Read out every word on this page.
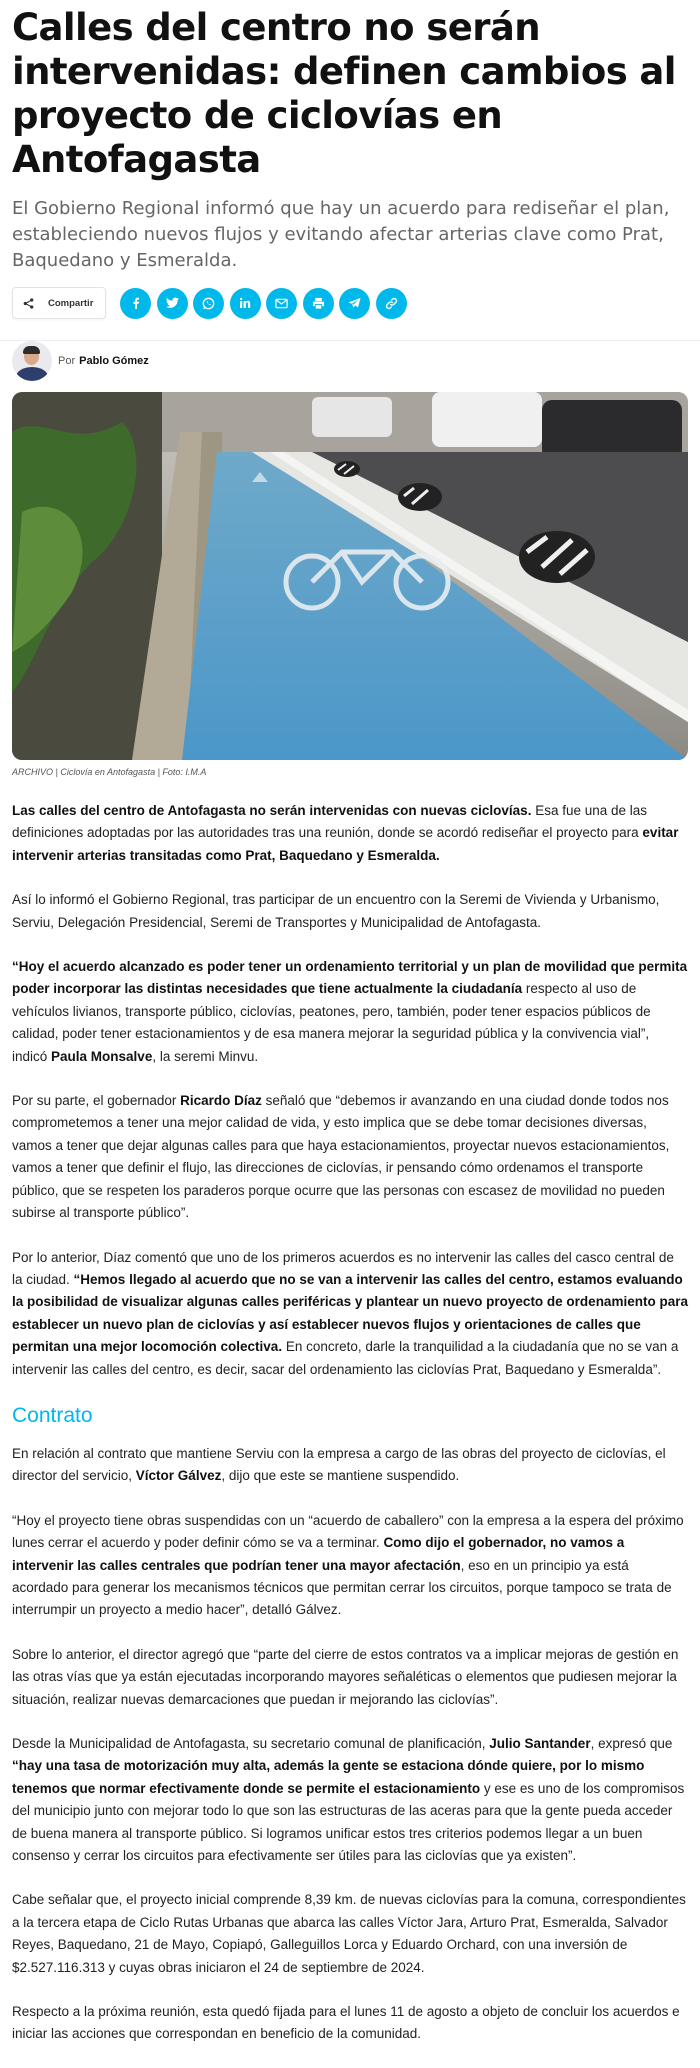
Calles del centro no serán intervenidas: definen cambios al proyecto de ciclovías en Antofagasta
El Gobierno Regional informó que hay un acuerdo para rediseñar el plan, estableciendo nuevos flujos y evitando afectar arterias clave como Prat, Baquedano y Esmeralda.
Compartir
Por Pablo Gómez
ARCHIVO | Ciclovía en Antofagasta | Foto: I.M.A

Las calles del centro de Antofagasta no serán intervenidas con nuevas ciclovías. Esa fue una de las definiciones adoptadas por las autoridades tras una reunión, donde se acordó rediseñar el proyecto para evitar intervenir arterias transitadas como Prat, Baquedano y Esmeralda.

Así lo informó el Gobierno Regional, tras participar de un encuentro con la Seremi de Vivienda y Urbanismo, Serviu, Delegación Presidencial, Seremi de Transportes y Municipalidad de Antofagasta.

“Hoy el acuerdo alcanzado es poder tener un ordenamiento territorial y un plan de movilidad que permita poder incorporar las distintas necesidades que tiene actualmente la ciudadanía respecto al uso de vehículos livianos, transporte público, ciclovías, peatones, pero, también, poder tener espacios públicos de calidad, poder tener estacionamientos y de esa manera mejorar la seguridad pública y la convivencia vial”, indicó Paula Monsalve, la seremi Minvu.

Por su parte, el gobernador Ricardo Díaz señaló que “debemos ir avanzando en una ciudad donde todos nos comprometemos a tener una mejor calidad de vida, y esto implica que se debe tomar decisiones diversas, vamos a tener que dejar algunas calles para que haya estacionamientos, proyectar nuevos estacionamientos, vamos a tener que definir el flujo, las direcciones de ciclovías, ir pensando cómo ordenamos el transporte público, que se respeten los paraderos porque ocurre que las personas con escasez de movilidad no pueden subirse al transporte público”.

Por lo anterior, Díaz comentó que uno de los primeros acuerdos es no intervenir las calles del casco central de la ciudad. “Hemos llegado al acuerdo que no se van a intervenir las calles del centro, estamos evaluando la posibilidad de visualizar algunas calles periféricas y plantear un nuevo proyecto de ordenamiento para establecer un nuevo plan de ciclovías y así establecer nuevos flujos y orientaciones de calles que permitan una mejor locomoción colectiva. En concreto, darle la tranquilidad a la ciudadanía que no se van a intervenir las calles del centro, es decir, sacar del ordenamiento las ciclovías Prat, Baquedano y Esmeralda”.

Contrato

En relación al contrato que mantiene Serviu con la empresa a cargo de las obras del proyecto de ciclovías, el director del servicio, Víctor Gálvez, dijo que este se mantiene suspendido.

“Hoy el proyecto tiene obras suspendidas con un “acuerdo de caballero” con la empresa a la espera del próximo lunes cerrar el acuerdo y poder definir cómo se va a terminar. Como dijo el gobernador, no vamos a intervenir las calles centrales que podrían tener una mayor afectación, eso en un principio ya está acordado para generar los mecanismos técnicos que permitan cerrar los circuitos, porque tampoco se trata de interrumpir un proyecto a medio hacer”, detalló Gálvez.

Sobre lo anterior, el director agregó que “parte del cierre de estos contratos va a implicar mejoras de gestión en las otras vías que ya están ejecutadas incorporando mayores señaléticas o elementos que pudiesen mejorar la situación, realizar nuevas demarcaciones que puedan ir mejorando las ciclovías”.

Desde la Municipalidad de Antofagasta, su secretario comunal de planificación, Julio Santander, expresó que “hay una tasa de motorización muy alta, además la gente se estaciona dónde quiere, por lo mismo tenemos que normar efectivamente donde se permite el estacionamiento y ese es uno de los compromisos del municipio junto con mejorar todo lo que son las estructuras de las aceras para que la gente pueda acceder de buena manera al transporte público. Si logramos unificar estos tres criterios podemos llegar a un buen consenso y cerrar los circuitos para efectivamente ser útiles para las ciclovías que ya existen”.

Cabe señalar que, el proyecto inicial comprende 8,39 km. de nuevas ciclovías para la comuna, correspondientes a la tercera etapa de Ciclo Rutas Urbanas que abarca las calles Víctor Jara, Arturo Prat, Esmeralda, Salvador Reyes, Baquedano, 21 de Mayo, Copiapó, Galleguillos Lorca y Eduardo Orchard, con una inversión de $2.527.116.313 y cuyas obras iniciaron el 24 de septiembre de 2024.

Respecto a la próxima reunión, esta quedó fijada para el lunes 11 de agosto a objeto de concluir los acuerdos e iniciar las acciones que correspondan en beneficio de la comunidad.
